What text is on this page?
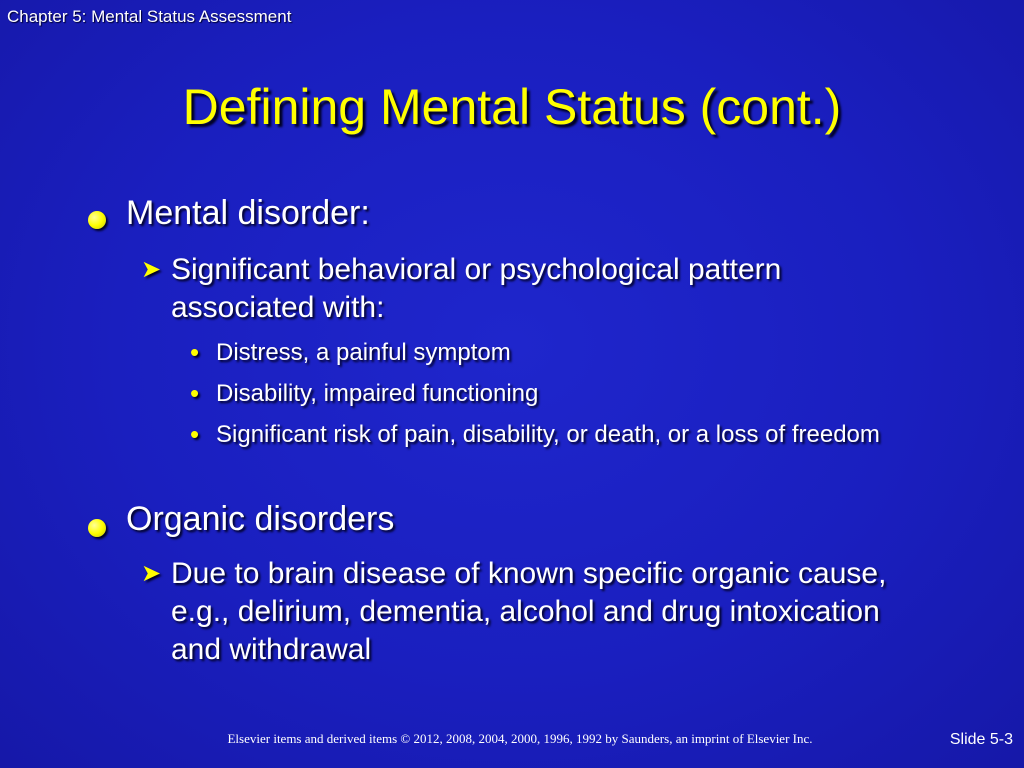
Chapter 5: Mental Status Assessment
Defining Mental Status (cont.)
Mental disorder:
➤ Significant behavioral or psychological pattern associated with:
• Distress, a painful symptom
• Disability, impaired functioning
• Significant risk of pain, disability, or death, or a loss of freedom
Organic disorders
➤ Due to brain disease of known specific organic cause, e.g., delirium, dementia, alcohol and drug intoxication and withdrawal
Elsevier items and derived items © 2012, 2008, 2004, 2000, 1996, 1992 by Saunders, an imprint of Elsevier Inc.	Slide 5-3
